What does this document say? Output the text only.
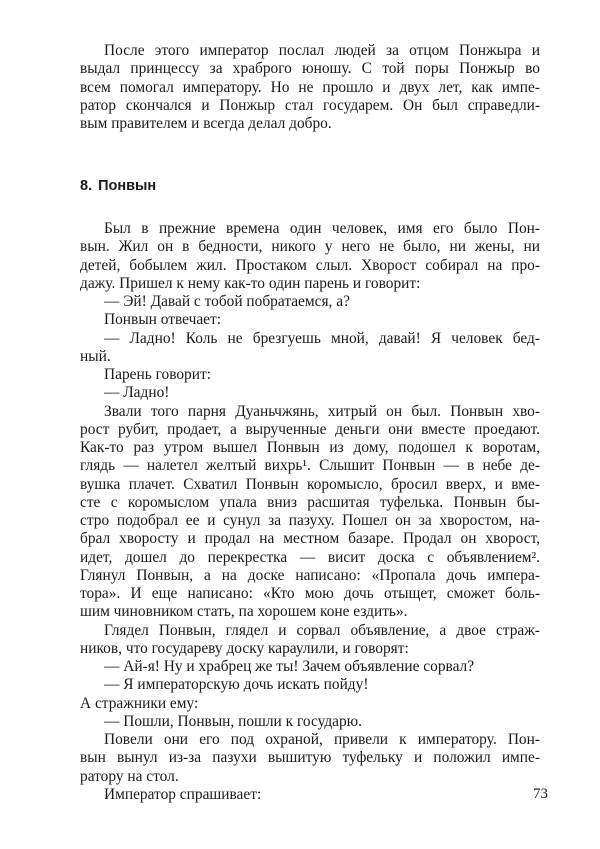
После этого император послал людей за отцом Понжыра и
выдал принцессу за храброго юношу. С той поры Понжыр во
всем помогал императору. Но не прошло и двух лет, как импе-
ратор скончался и Понжыр стал государем. Он был справедли-
вым правителем и всегда делал добро.
8. Понвын
Был в прежние времена один человек, имя его было Пон-
вын. Жил он в бедности, никого у него не было, ни жены, ни
детей, бобылем жил. Простаком слыл. Хворост собирал на про-
дажу. Пришел к нему как-то один парень и говорит:
— Эй! Давай с тобой побратаемся, а?
Понвын отвечает:
— Ладно! Коль не брезгуешь мной, давай! Я человек бед-
ный.
Парень говорит:
— Ладно!
Звали того парня Дуаньчжянь, хитрый он был. Понвын хво-
рост рубит, продает, а вырученные деньги они вместе проедают.
Как-то раз утром вышел Понвын из дому, подошел к воротам,
глядь — налетел желтый вихрь¹. Слышит Понвын — в небе де-
вушка плачет. Схватил Понвын коромысло, бросил вверх, и вме-
сте с коромыслом упала вниз расшитая туфелька. Понвын бы-
стро подобрал ее и сунул за пазуху. Пошел он за хворостом, на-
брал хворосту и продал на местном базаре. Продал он хворост,
идет, дошел до перекрестка — висит доска с объявлением².
Глянул Понвын, а на доске написано: «Пропала дочь импера-
тора». И еще написано: «Кто мою дочь отыщет, сможет боль-
шим чиновником стать, па хорошем коне ездить».
Глядел Понвын, глядел и сорвал объявление, а двое страж-
ников, что государеву доску караулили, и говорят:
— Ай-я! Ну и храбрец же ты! Зачем объявление сорвал?
— Я императорскую дочь искать пойду!
А стражники ему:
— Пошли, Понвын, пошли к государю.
Повели они его под охраной, привели к императору. Пон-
вын вынул из-за пазухи вышитую туфельку и положил импе-
ратору на стол.
Император спрашивает:	73
